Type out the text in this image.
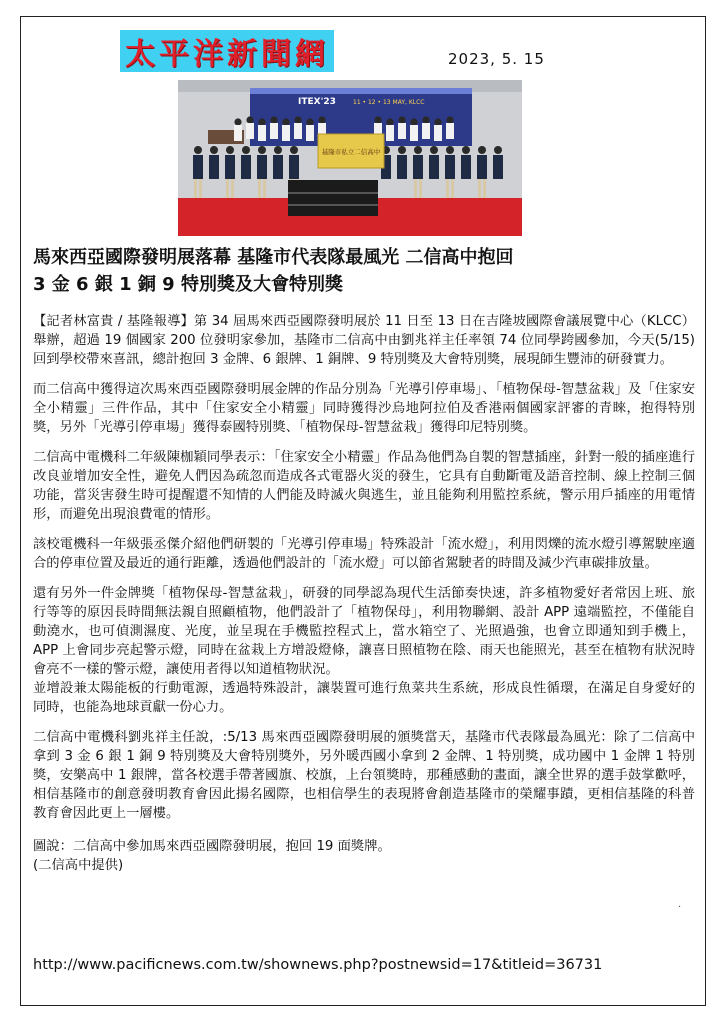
太平洋新聞網	2023, 5. 15
ITEX'23	11 • 12 • 13 MAY, KLCC
基隆市私立二信高中
馬來西亞國際發明展落幕 基隆市代表隊最風光 二信高中抱回
3 金 6 銀 1 銅 9 特別獎及大會特別獎

【記者林富貴 / 基隆報導】第 34 屆馬來西亞國際發明展於 11 日至 13 日在吉隆坡國際會議展覽中心（KLCC）舉辦，超過 19 個國家 200 位發明家參加，基隆市二信高中由劉兆祥主任率領 74 位同學跨國參加，今天(5/15)回到學校帶來喜訊，總計抱回 3 金牌、6 銀牌、1 銅牌、9 特別獎及大會特別獎，展現師生豐沛的研發實力。

而二信高中獲得這次馬來西亞國際發明展金牌的作品分別為「光導引停車場」、「植物保母-智慧盆栽」及「住家安全小精靈」三件作品，其中「住家安全小精靈」同時獲得沙烏地阿拉伯及香港兩個國家評審的青睞，抱得特別獎，另外「光導引停車場」獲得泰國特別獎、「植物保母-智慧盆栽」獲得印尼特別獎。

二信高中電機科二年級陳枷穎同學表示：「住家安全小精靈」作品為他們為自製的智慧插座，針對一般的插座進行改良並增加安全性，避免人們因為疏忽而造成各式電器火災的發生，它具有自動斷電及語音控制、線上控制三個功能，當災害發生時可提醒還不知情的人們能及時滅火與逃生，並且能夠利用監控系統，警示用戶插座的用電情形，而避免出現浪費電的情形。

該校電機科一年級張丞傑介紹他們研製的「光導引停車場」特殊設計「流水燈」，利用閃爍的流水燈引導駕駛座適合的停車位置及最近的通行距離，透過他們設計的「流水燈」可以節省駕駛者的時間及減少汽車碳排放量。

還有另外一件金牌獎「植物保母-智慧盆栽」，研發的同學認為現代生活節奏快速，許多植物愛好者常因上班、旅行等等的原因長時間無法親自照顧植物，他們設計了「植物保母」，利用物聯網、設計 APP 遠端監控，不僅能自動澆水，也可偵測濕度、光度，並呈現在手機監控程式上，當水箱空了、光照過強，也會立即通知到手機上，APP 上會同步亮起警示燈，同時在盆栽上方增設燈條，讓喜日照植物在陰、雨天也能照光，甚至在植物有狀況時會亮不一樣的警示燈，讓使用者得以知道植物狀況。
並增設兼太陽能板的行動電源，透過特殊設計，讓裝置可進行魚菜共生系統，形成良性循環，在滿足自身愛好的同時，也能為地球貢獻一份心力。

二信高中電機科劉兆祥主任說，:5/13 馬來西亞國際發明展的頒獎當天，基隆市代表隊最為風光：除了二信高中拿到 3 金 6 銀 1 銅 9 特別獎及大會特別獎外，另外暖西國小拿到 2 金牌、1 特別獎，成功國中 1 金牌 1 特別獎，安樂高中 1 銀牌，當各校選手帶著國旗、校旗，上台領獎時，那種感動的畫面，讓全世界的選手鼓掌歡呼，相信基隆市的創意發明教育會因此揚名國際，也相信學生的表現將會創造基隆市的榮耀事蹟，更相信基隆的科普教育會因此更上一層樓。

圖說：二信高中參加馬來西亞國際發明展，抱回 19 面獎牌。

(二信高中提供)

·
http://www.pacificnews.com.tw/shownews.php?postnewsid=17&titleid=36731
